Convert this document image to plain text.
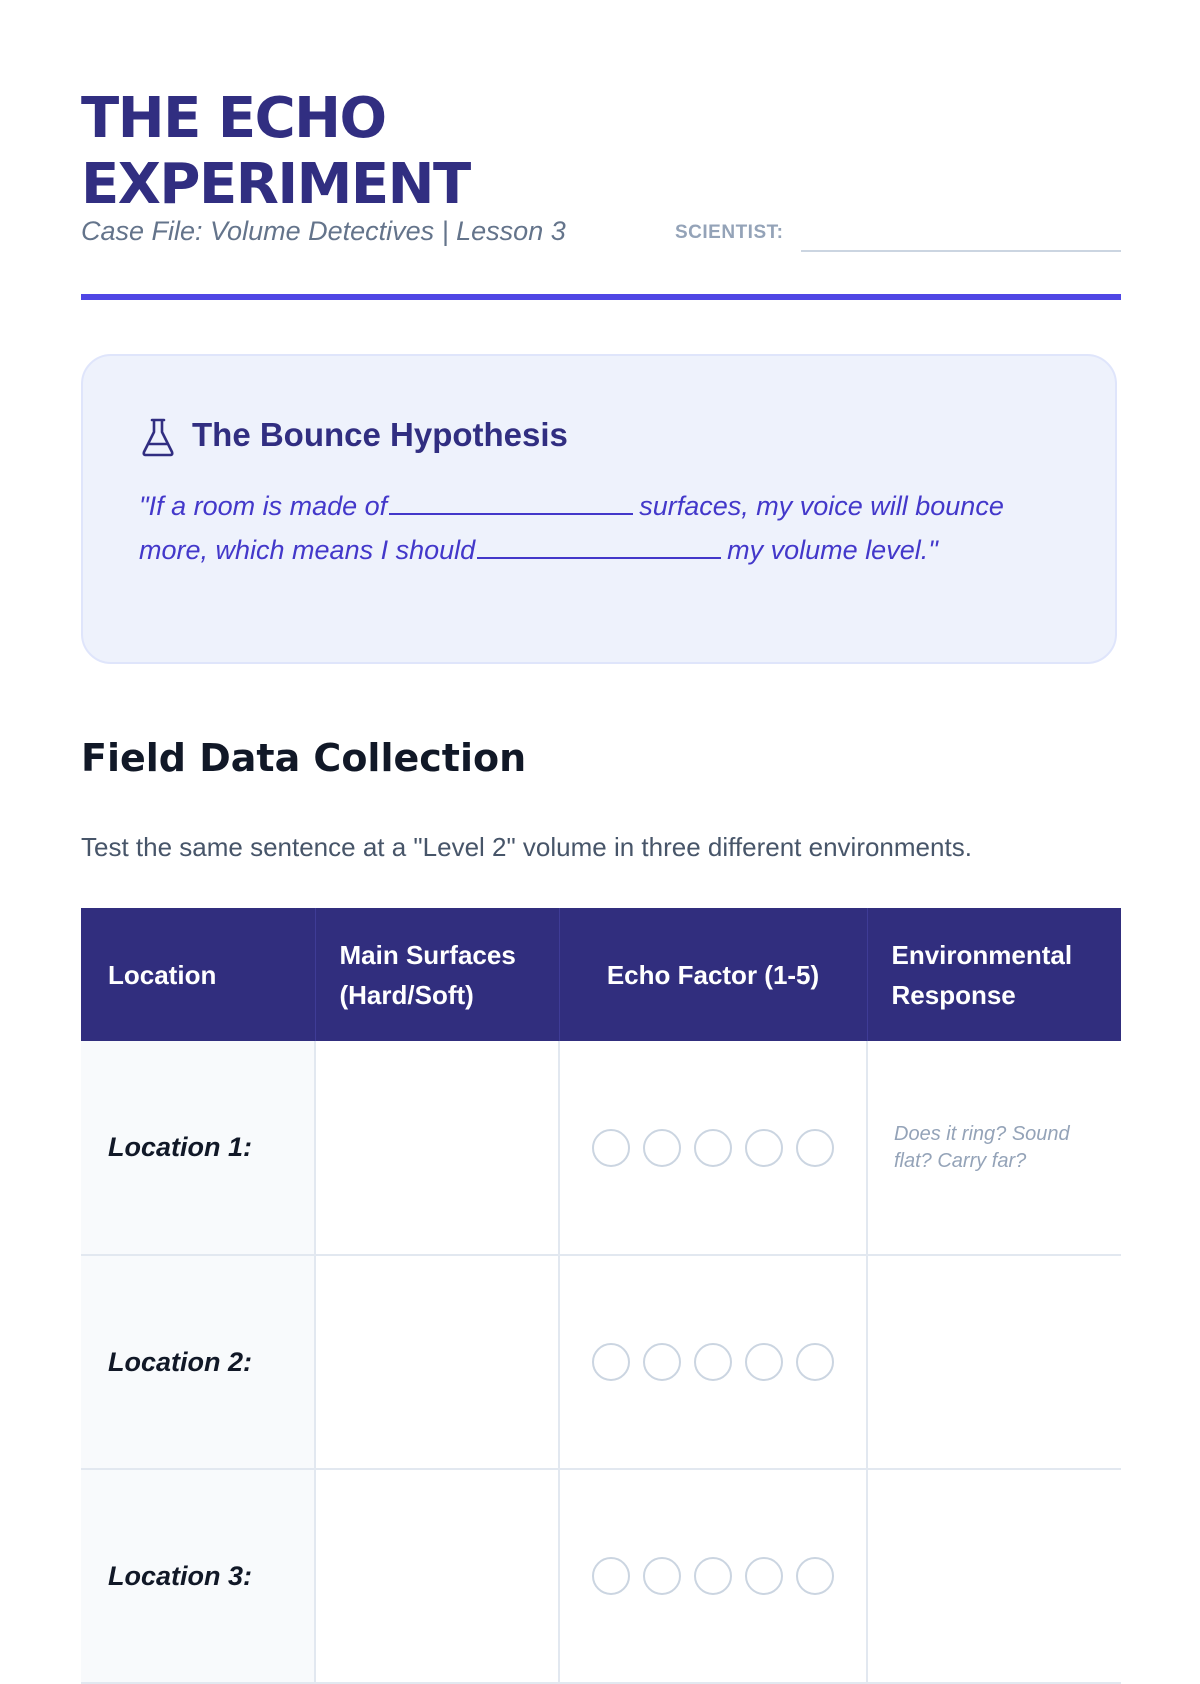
THE ECHO EXPERIMENT
Case File: Volume Detectives | Lesson 3	SCIENTIST:
The Bounce Hypothesis
"If a room is made of	surfaces, my voice will bounce more, which means I should	my volume level."
Field Data Collection
Test the same sentence at a "Level 2" volume in three different environments.
Location	Main Surfaces (Hard/Soft)	Echo Factor (1-5)	Environmental Response
Location 1:			Does it ring? Sound flat? Carry far?

Location 2:		

Location 3:		
